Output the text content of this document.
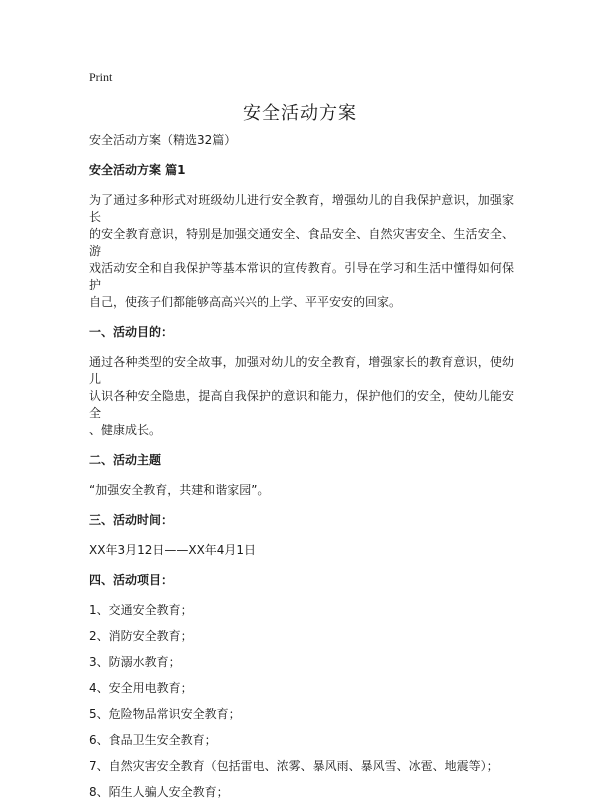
Print
安全活动方案

安全活动方案（精选32篇）

安全活动方案 篇1

为了通过多种形式对班级幼儿进行安全教育，增强幼儿的自我保护意识，加强家长

的安全教育意识，特别是加强交通安全、食品安全、自然灾害安全、生活安全、游

戏活动安全和自我保护等基本常识的宣传教育。引导在学习和生活中懂得如何保护

自己，使孩子们都能够高高兴兴的上学、平平安安的回家。

一、活动目的：

通过各种类型的安全故事，加强对幼儿的安全教育，增强家长的教育意识，使幼儿

认识各种安全隐患，提高自我保护的意识和能力，保护他们的安全，使幼儿能安全

、健康成长。

二、活动主题

“加强安全教育，共建和谐家园”。

三、活动时间：

XX年3月12日——XX年4月1日

四、活动项目：

1、交通安全教育；

2、消防安全教育；

3、防溺水教育；

4、安全用电教育；

5、危险物品常识安全教育；

6、食品卫生安全教育；

7、自然灾害安全教育（包括雷电、浓雾、暴风雨、暴风雪、冰雹、地震等）；

8、陌生人骗人安全教育；
